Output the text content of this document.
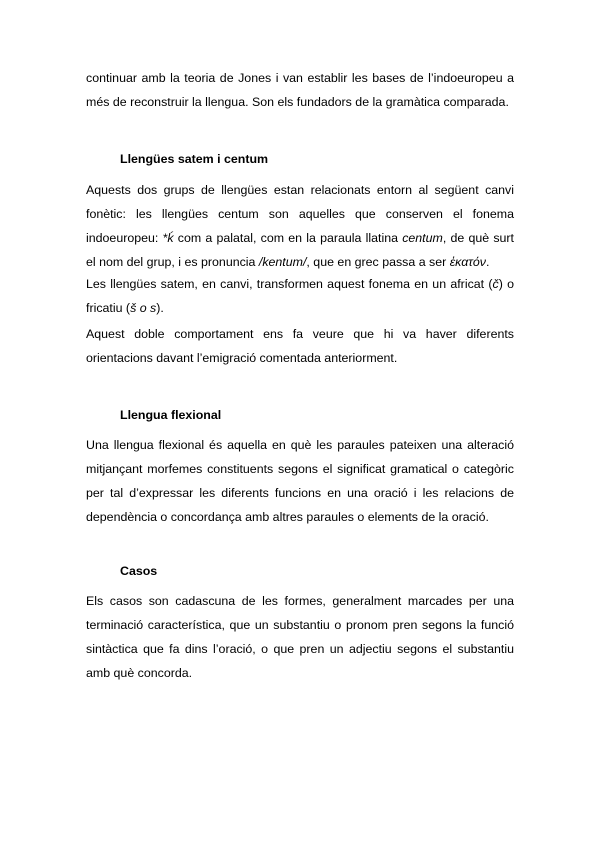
continuar amb la teoria de Jones i van establir les bases de l’indoeuropeu a més de reconstruir la llengua. Son els fundadors de la gramàtica comparada.

Llengües satem i centum

Aquests dos grups de llengües estan relacionats entorn al següent canvi fonètic: les llengües centum son aquelles que conserven el fonema indoeuropeu: *ḱ com a palatal, com en la paraula llatina centum, de què surt el nom del grup, i es pronuncia /kentum/, que en grec passa a ser ἑκατόν.

Les llengües satem, en canvi, transformen aquest fonema en un africat (č) o fricatiu (š o s).

Aquest doble comportament ens fa veure que hi va haver diferents orientacions davant l’emigració comentada anteriorment.

Llengua flexional

Una llengua flexional és aquella en què les paraules pateixen una alteració mitjançant morfemes constituents segons el significat gramatical o categòric per tal d’expressar les diferents funcions en una oració i les relacions de dependència o concordança amb altres paraules o elements de la oració.

Casos

Els casos son cadascuna de les formes, generalment marcades per una terminació característica, que un substantiu o pronom pren segons la funció sintàctica que fa dins l’oració, o que pren un adjectiu segons el substantiu amb què concorda.
